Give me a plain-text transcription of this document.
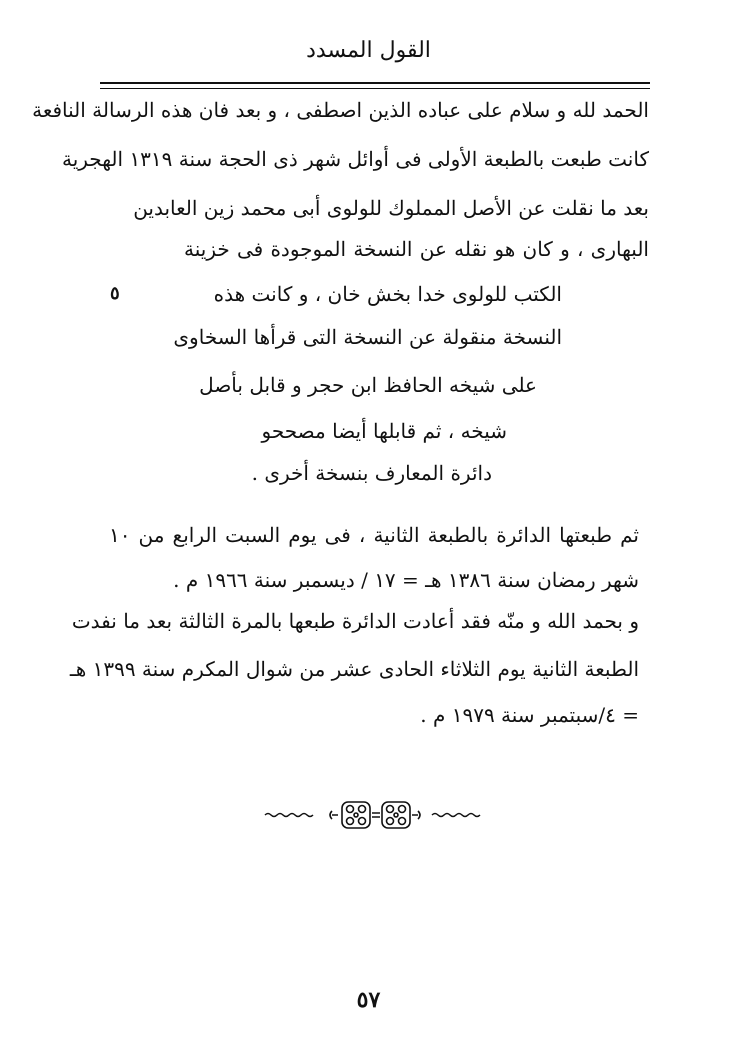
القول المسدد
الحمد لله و سلام على عباده الذين اصطفى ، و بعد فان هذه الرسالة النافعة
كانت طبعت بالطبعة الأولى فى أوائل شهر ذى الحجة سنة ١٣١٩ الهجرية
بعد ما نقلت عن الأصل المملوك للولوى أبى محمد زين العابدين
البهارى ، و كان هو نقله عن النسخة الموجودة فى خزينة
الكتب للولوى خدا بخش خان ، و كانت هذه
النسخة منقولة عن النسخة التى قرأها السخاوى
على شيخه الحافظ ابن حجر و قابل بأصل
شيخه ، ثم قابلها أيضا مصححو
دائرة المعارف بنسخة أخرى .
٥
ثم طبعتها الدائرة بالطبعة الثانية ، فى يوم السبت الرابع من ١٠
شهر رمضان سنة ١٣٨٦ هـ = ١٧ / ديسمبر سنة ١٩٦٦ م .
و بحمد الله و منّه فقد أعادت الدائرة طبعها بالمرة الثالثة بعد ما نفدت
الطبعة الثانية يوم الثلاثاء الحادى عشر من شوال المكرم سنة ١٣٩٩ هـ
= ٤/سبتمبر سنة ١٩٧٩ م .
٥٧
